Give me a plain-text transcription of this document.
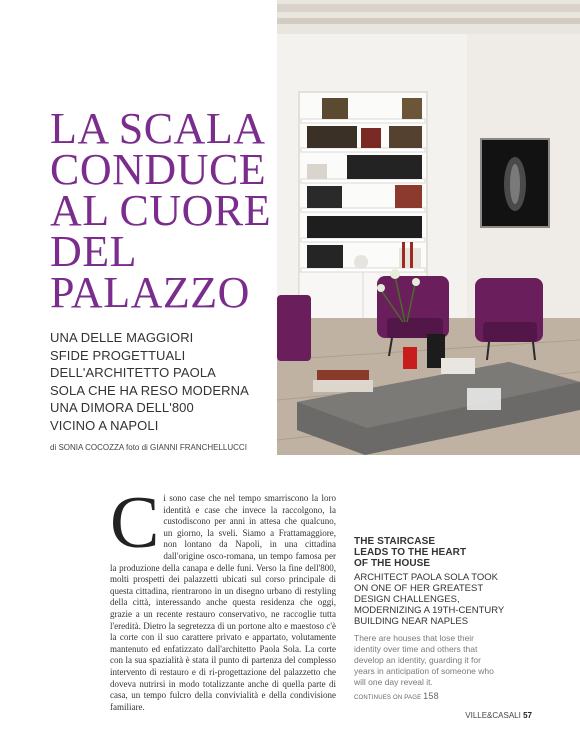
LA SCALA
CONDUCE
AL CUORE
DEL
PALAZZO
UNA DELLE MAGGIORI
SFIDE PROGETTUALI
DELL'ARCHITETTO PAOLA
SOLA CHE HA RESO MODERNA
UNA DIMORA DELL'800
VICINO A NAPOLI
di SONIA COCOZZA foto di GIANNI FRANCHELLUCCI
C i sono case che nel tempo smarriscono la loro identità e case che invece la raccolgono, la custodiscono per anni in attesa che qualcuno, un giorno, la sveli. Siamo a Frattamaggiore, non lontano da Napoli, in una cittadina dall'origine osco-romana, un tempo famosa per la produzione della canapa e delle funi. Verso la fine dell'800, molti prospetti dei palazzetti ubicati sul corso principale di questa cittadina, rientrarono in un disegno urbano di restyling della città, interessando anche questa residenza che oggi, grazie a un recente restauro conservativo, ne raccoglie tutta l'eredità. Dietro la segretezza di un portone alto e maestoso c'è la corte con il suo carattere privato e appartato, volutamente mantenuto ed enfatizzato dall'architetto Paola Sola. La corte con la sua spazialità è stata il punto di partenza del complesso intervento di restauro e di ri-progettazione del palazzetto che doveva nutrirsi in modo totalizzante anche di quella parte di casa, un tempo fulcro della convivialità e della condivisione familiare.

THE STAIRCASE
LEADS TO THE HEART
OF THE HOUSE
ARCHITECT PAOLA SOLA TOOK
ON ONE OF HER GREATEST
DESIGN CHALLENGES,
MODERNIZING A 19TH-CENTURY
BUILDING NEAR NAPLES
There are houses that lose their
identity over time and others that
develop an identity, guarding it for
years in anticipation of someone who
will one day reveal it.
CONTINUES ON PAGE 158
VILLE&CASALI 57
